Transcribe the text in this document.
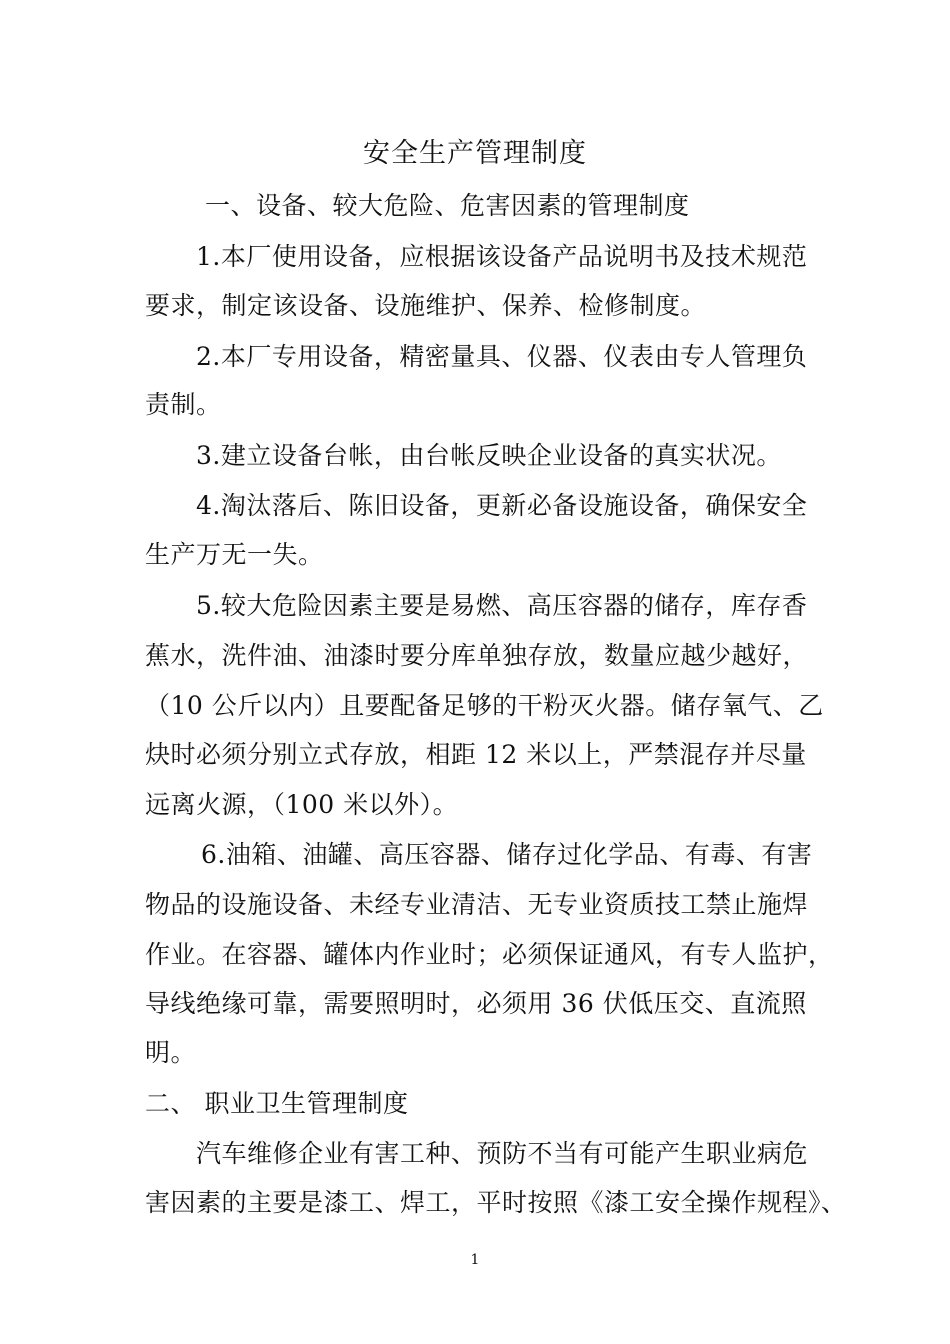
安全生产管理制度
一、设备、较大危险、危害因素的管理制度
1.本厂使用设备，应根据该设备产品说明书及技术规范
要求，制定该设备、设施维护、保养、检修制度。
2.本厂专用设备，精密量具、仪器、仪表由专人管理负
责制。
3.建立设备台帐，由台帐反映企业设备的真实状况。
4.淘汰落后、陈旧设备，更新必备设施设备，确保安全
生产万无一失。
5.较大危险因素主要是易燃、高压容器的储存，库存香
蕉水，洗件油、油漆时要分库单独存放，数量应越少越好，
（10 公斤以内）且要配备足够的干粉灭火器。储存氧气、乙
炔时必须分别立式存放，相距 12 米以上，严禁混存并尽量
远离火源，（100 米以外）。
6.油箱、油罐、高压容器、储存过化学品、有毒、有害
物品的设施设备、未经专业清洁、无专业资质技工禁止施焊
作业。在容器、罐体内作业时；必须保证通风，有专人监护，
导线绝缘可靠，需要照明时，必须用 36 伏低压交、直流照
明。
二、 职业卫生管理制度
汽车维修企业有害工种、预防不当有可能产生职业病危
害因素的主要是漆工、焊工，平时按照《漆工安全操作规程》、
1
